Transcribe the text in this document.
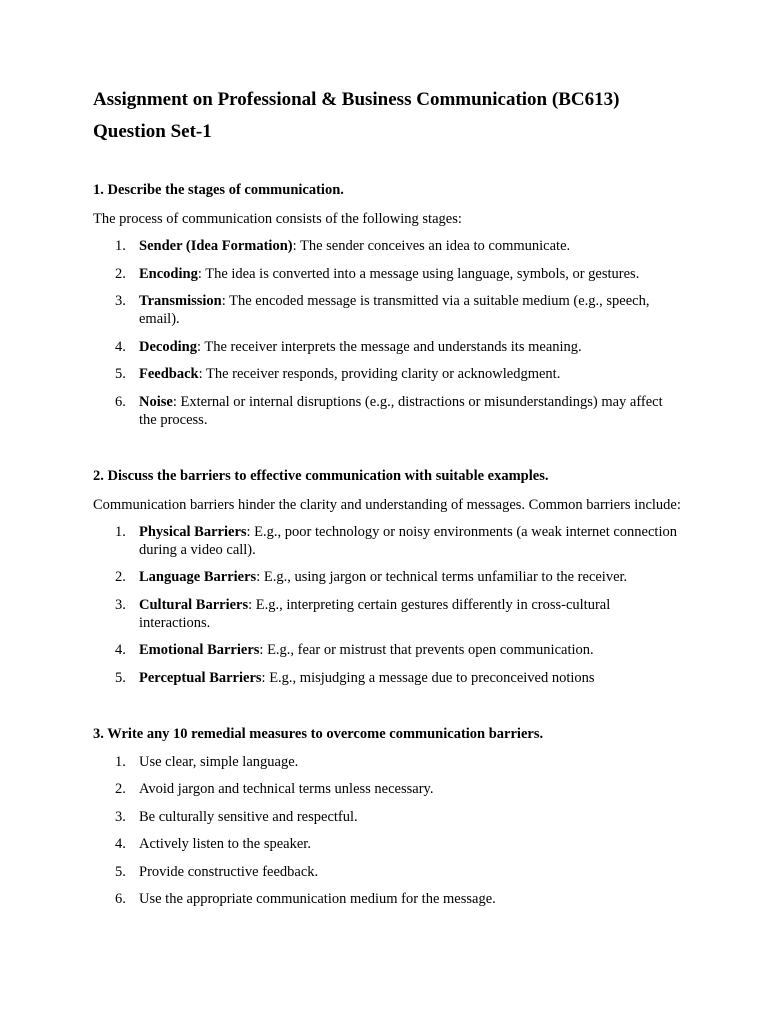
Assignment on Professional & Business Communication (BC613)
Question Set-1

1. Describe the stages of communication.

The process of communication consists of the following stages:

1. Sender (Idea Formation): The sender conceives an idea to communicate.
2. Encoding: The idea is converted into a message using language, symbols, or gestures.
3. Transmission: The encoded message is transmitted via a suitable medium (e.g., speech, email).
4. Decoding: The receiver interprets the message and understands its meaning.
5. Feedback: The receiver responds, providing clarity or acknowledgment.
6. Noise: External or internal disruptions (e.g., distractions or misunderstandings) may affect the process.

2. Discuss the barriers to effective communication with suitable examples.

Communication barriers hinder the clarity and understanding of messages. Common barriers include:

1. Physical Barriers: E.g., poor technology or noisy environments (a weak internet connection during a video call).
2. Language Barriers: E.g., using jargon or technical terms unfamiliar to the receiver.
3. Cultural Barriers: E.g., interpreting certain gestures differently in cross-cultural interactions.
4. Emotional Barriers: E.g., fear or mistrust that prevents open communication.
5. Perceptual Barriers: E.g., misjudging a message due to preconceived notions

3. Write any 10 remedial measures to overcome communication barriers.

1. Use clear, simple language.
2. Avoid jargon and technical terms unless necessary.
3. Be culturally sensitive and respectful.
4. Actively listen to the speaker.
5. Provide constructive feedback.
6. Use the appropriate communication medium for the message.
